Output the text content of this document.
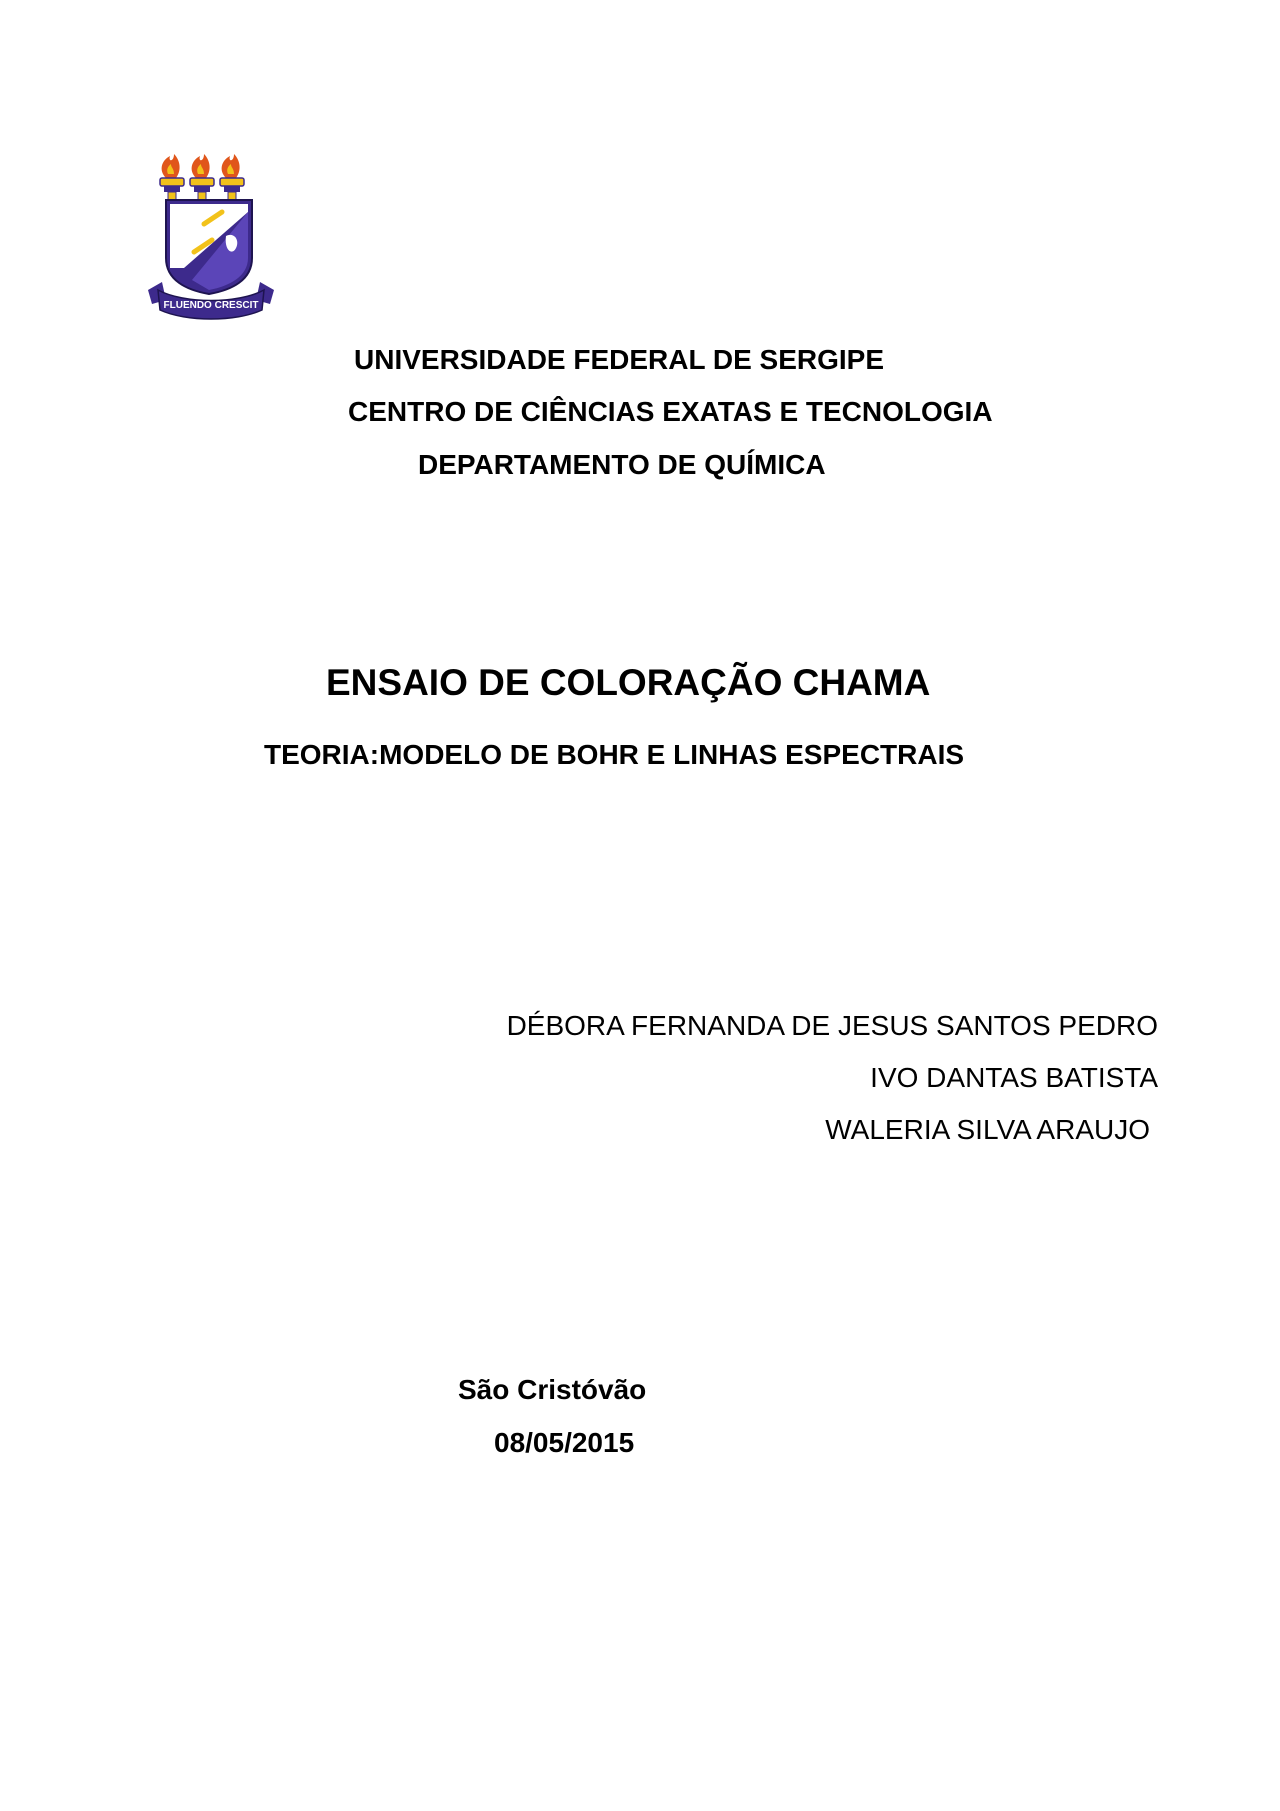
FLUENDO CRESCIT
UNIVERSIDADE FEDERAL DE SERGIPE
CENTRO DE CIÊNCIAS EXATAS E TECNOLOGIA
DEPARTAMENTO DE QUÍMICA
ENSAIO DE COLORAÇÃO CHAMA
TEORIA:MODELO DE BOHR E LINHAS ESPECTRAIS
DÉBORA FERNANDA DE JESUS SANTOS PEDRO
IVO DANTAS BATISTA
WALERIA SILVA ARAUJO
São Cristóvão
08/05/2015
